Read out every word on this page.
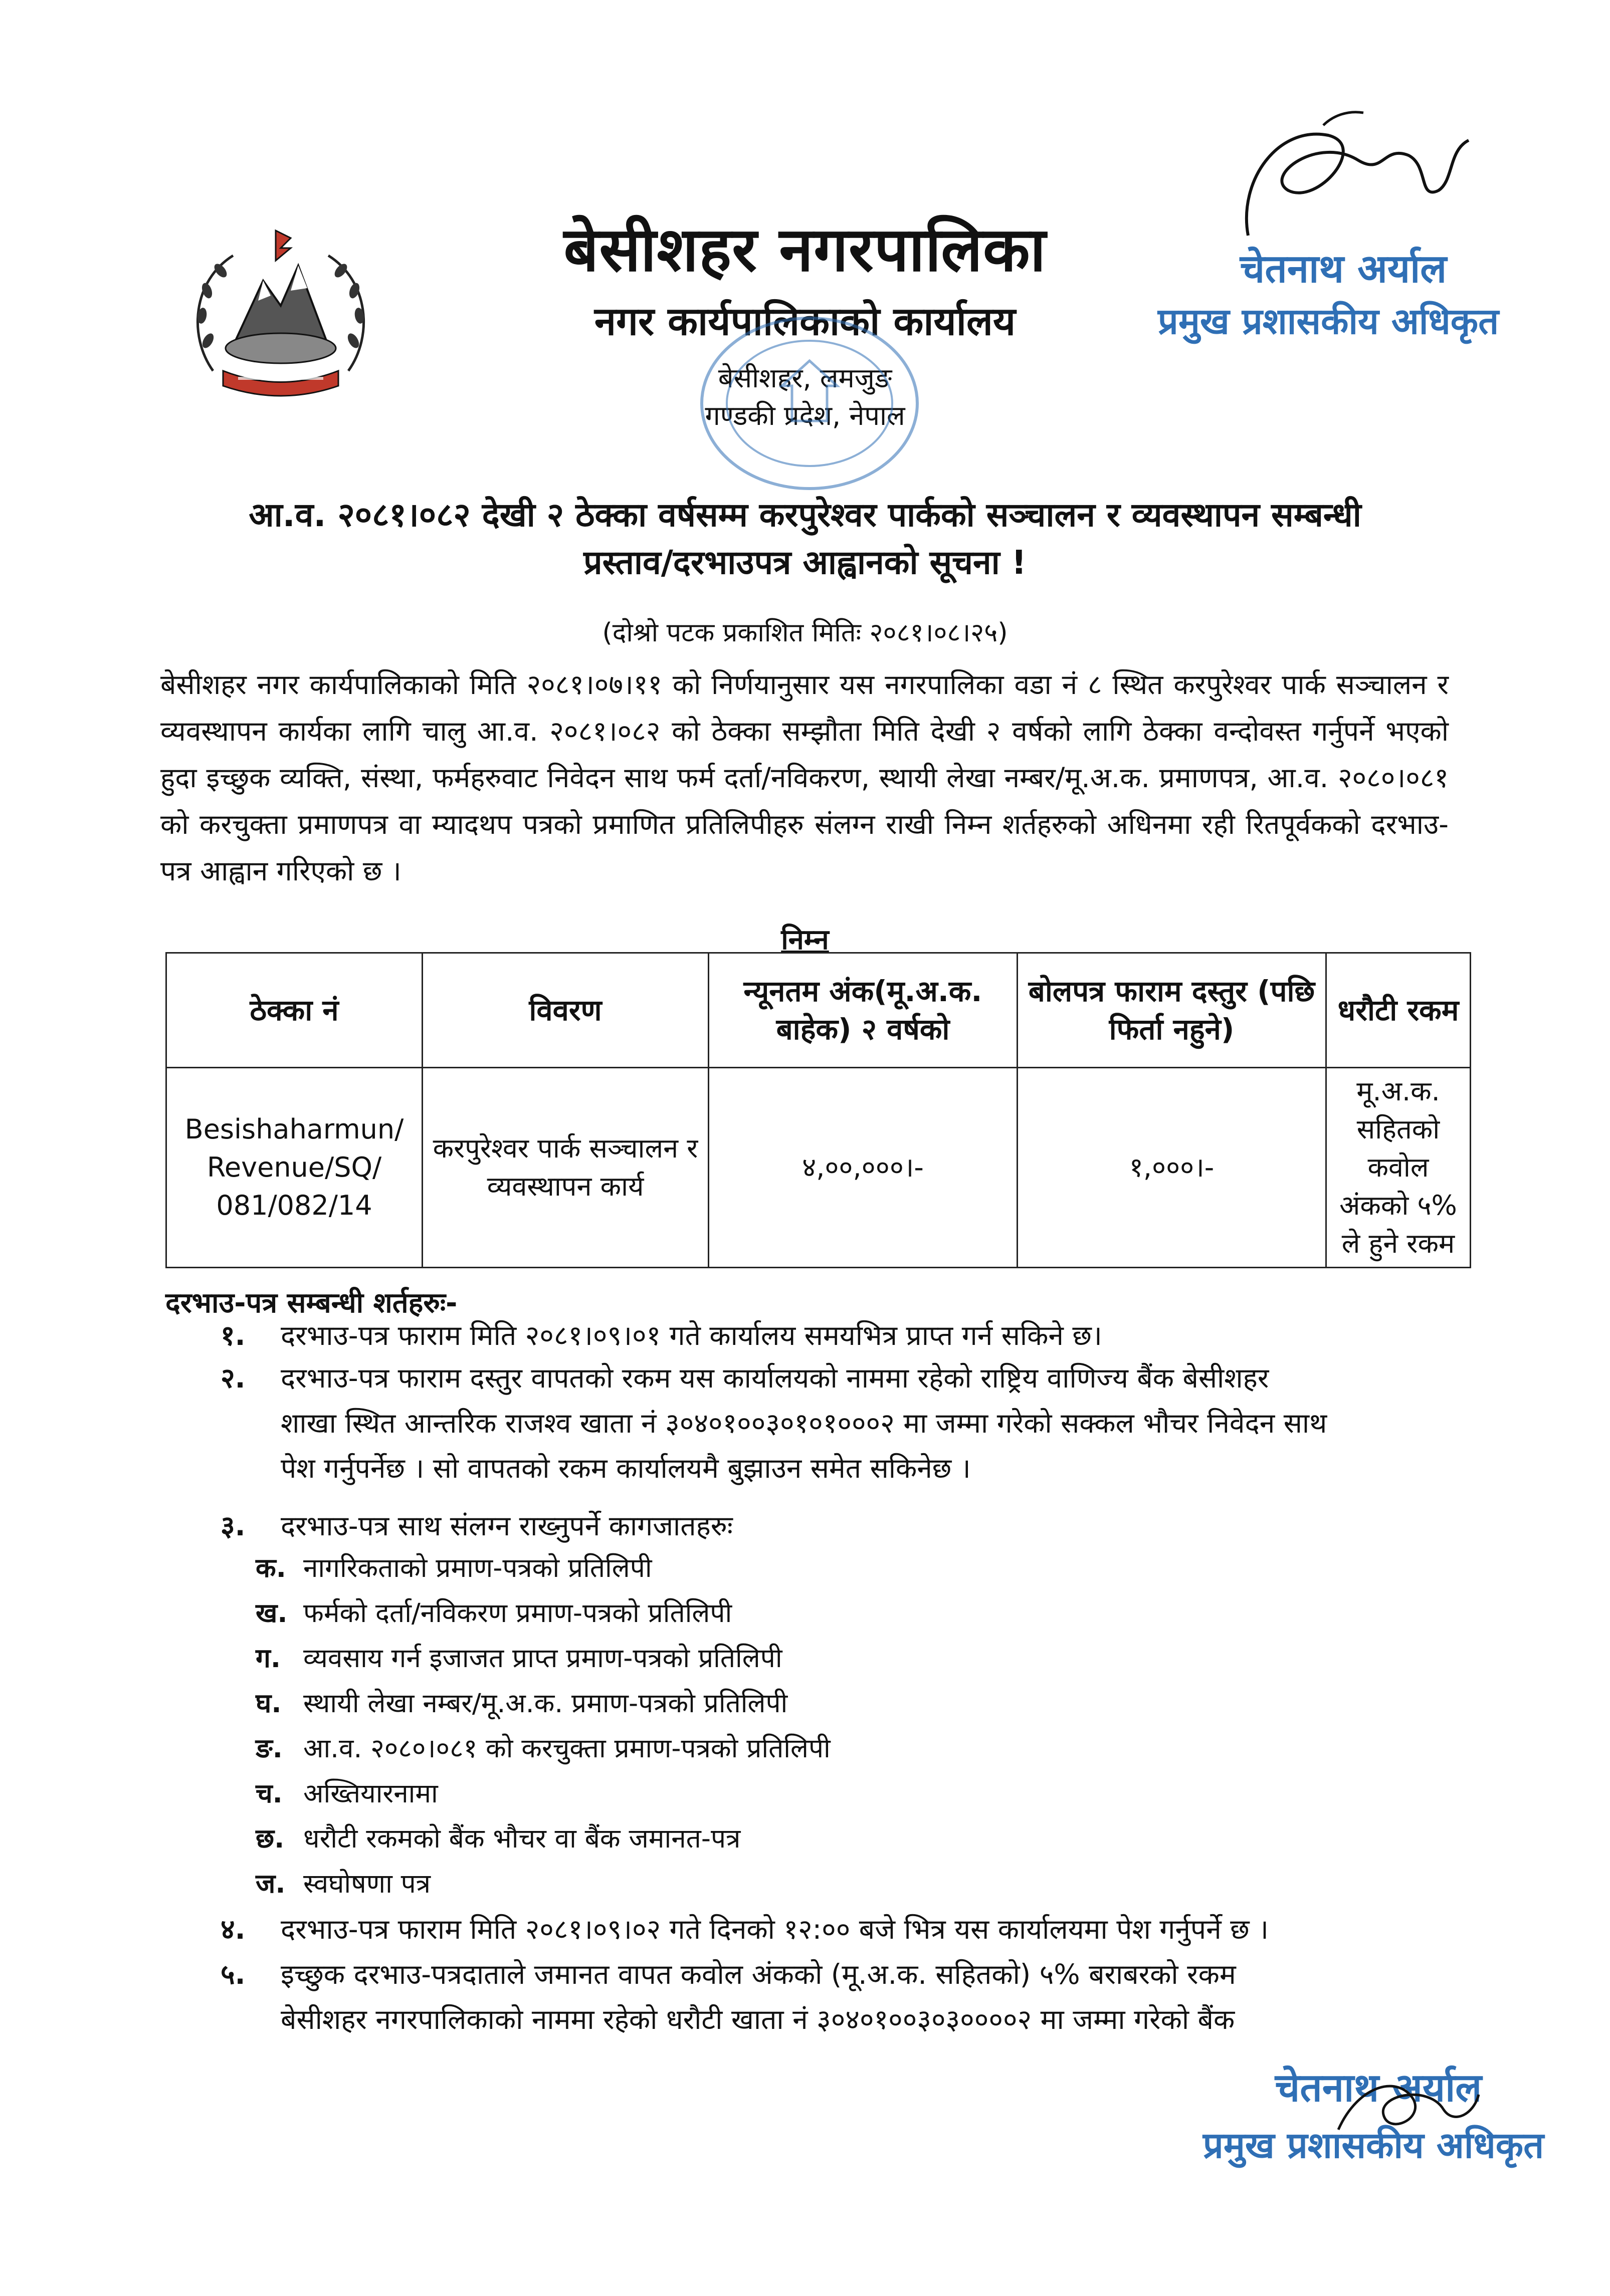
बेसीशहर नगरपालिका
नगर कार्यपालिकाको कार्यालय
बेसीशहर, लमजुङ
गण्डकी प्रदेश, नेपाल
चेतनाथ अर्याल
प्रमुख प्रशासकीय अधिकृत
आ.व. २०८१।०८२ देखी २ ठेक्का वर्षसम्म करपुरेश्वर पार्कको सञ्चालन र व्यवस्थापन सम्बन्धी
प्रस्ताव/दरभाउपत्र आह्वानको सूचना !
(दोश्रो पटक प्रकाशित मितिः २०८१।०८।२५)
बेसीशहर नगर कार्यपालिकाको मिति २०८१।०७।११ को निर्णयानुसार यस नगरपालिका वडा नं ८ स्थित करपुरेश्वर पार्क सञ्चालन र व्यवस्थापन कार्यका लागि चालु आ.व. २०८१।०८२ को ठेक्का सम्झौता मिति देखी २ वर्षको लागि ठेक्का वन्दोवस्त गर्नुपर्ने भएको हुदा इच्छुक व्यक्ति, संस्था, फर्महरुवाट निवेदन साथ फर्म दर्ता/नविकरण, स्थायी लेखा नम्बर/मू.अ.क. प्रमाणपत्र, आ.व. २०८०।०८१ को करचुक्ता प्रमाणपत्र वा म्यादथप पत्रको प्रमाणित प्रतिलिपीहरु संलग्न राखी निम्न शर्तहरुको अधिनमा रही रितपूर्वकको दरभाउ-पत्र आह्वान गरिएको छ ।
निम्न
ठेक्का नं	विवरण	न्यूनतम अंक(मू.अ.क. बाहेक) २ वर्षको	बोलपत्र फाराम दस्तुर (पछि फिर्ता नहुने)	धरौटी रकम
Besishaharmun/ Revenue/SQ/ 081/082/14	करपुरेश्वर पार्क सञ्चालन र व्यवस्थापन कार्य	४,००,०००।-	१,०००।-	मू.अ.क. सहितको कवोल अंकको ५% ले हुने रकम
दरभाउ-पत्र सम्बन्धी शर्तहरुः-
१. दरभाउ-पत्र फाराम मिति २०८१।०९।०१ गते कार्यालय समयभित्र प्राप्त गर्न सकिने छ।
२. दरभाउ-पत्र फाराम दस्तुर वापतको रकम यस कार्यालयको नाममा रहेको राष्ट्रिय वाणिज्य बैंक बेसीशहर
शाखा स्थित आन्तरिक राजश्व खाता नं ३०४०१००३०१०१०००२ मा जम्मा गरेको सक्कल भौचर निवेदन साथ
पेश गर्नुपर्नेछ । सो वापतको रकम कार्यालयमै बुझाउन समेत सकिनेछ ।
३. दरभाउ-पत्र साथ संलग्न राख्नुपर्ने कागजातहरुः
क. नागरिकताको प्रमाण-पत्रको प्रतिलिपी
ख. फर्मको दर्ता/नविकरण प्रमाण-पत्रको प्रतिलिपी
ग. व्यवसाय गर्न इजाजत प्राप्त प्रमाण-पत्रको प्रतिलिपी
घ. स्थायी लेखा नम्बर/मू.अ.क. प्रमाण-पत्रको प्रतिलिपी
ङ. आ.व. २०८०।०८१ को करचुक्ता प्रमाण-पत्रको प्रतिलिपी
च. अख्तियारनामा
छ. धरौटी रकमको बैंक भौचर वा बैंक जमानत-पत्र
ज. स्वघोषणा पत्र
४. दरभाउ-पत्र फाराम मिति २०८१।०९।०२ गते दिनको १२:०० बजे भित्र यस कार्यालयमा पेश गर्नुपर्ने छ ।
५. इच्छुक दरभाउ-पत्रदाताले जमानत वापत कवोल अंकको (मू.अ.क. सहितको) ५% बराबरको रकम
बेसीशहर नगरपालिकाको नाममा रहेको धरौटी खाता नं ३०४०१००३०३००००२ मा जम्मा गरेको बैंक
चेतनाथ अर्याल
प्रमुख प्रशासकीय अधिकृत
